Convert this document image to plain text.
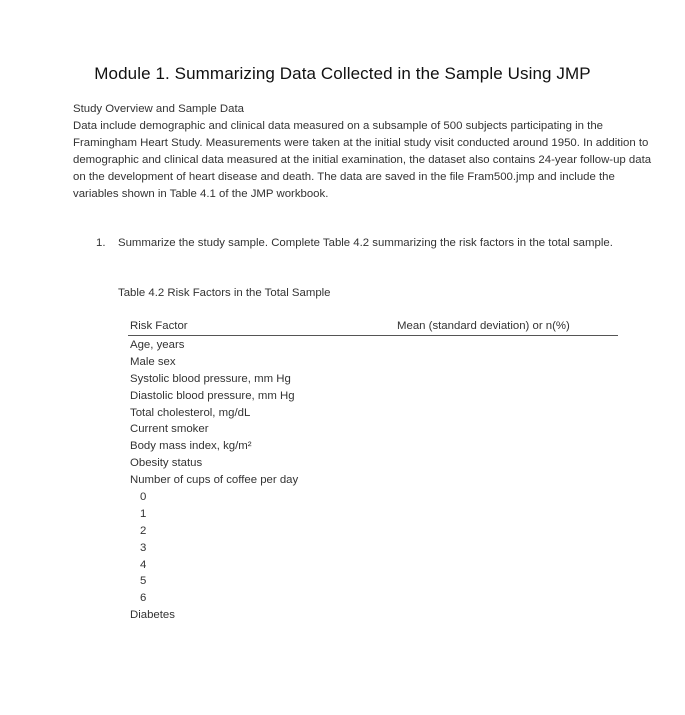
Module 1. Summarizing Data Collected in the Sample Using JMP
Study Overview and Sample Data
Data include demographic and clinical data measured on a subsample of 500 subjects participating in the Framingham Heart Study. Measurements were taken at the initial study visit conducted around 1950. In addition to demographic and clinical data measured at the initial examination, the dataset also contains 24-year follow-up data on the development of heart disease and death. The data are saved in the file Fram500.jmp and include the variables shown in Table 4.1 of the JMP workbook.
1. Summarize the study sample. Complete Table 4.2 summarizing the risk factors in the total sample.
Table 4.2 Risk Factors in the Total Sample
Risk Factor	Mean (standard deviation) or n(%)
Age, years
Male sex
Systolic blood pressure, mm Hg
Diastolic blood pressure, mm Hg
Total cholesterol, mg/dL
Current smoker
Body mass index, kg/m²
Obesity status
Number of cups of coffee per day
0
1
2
3
4
5
6
Diabetes
